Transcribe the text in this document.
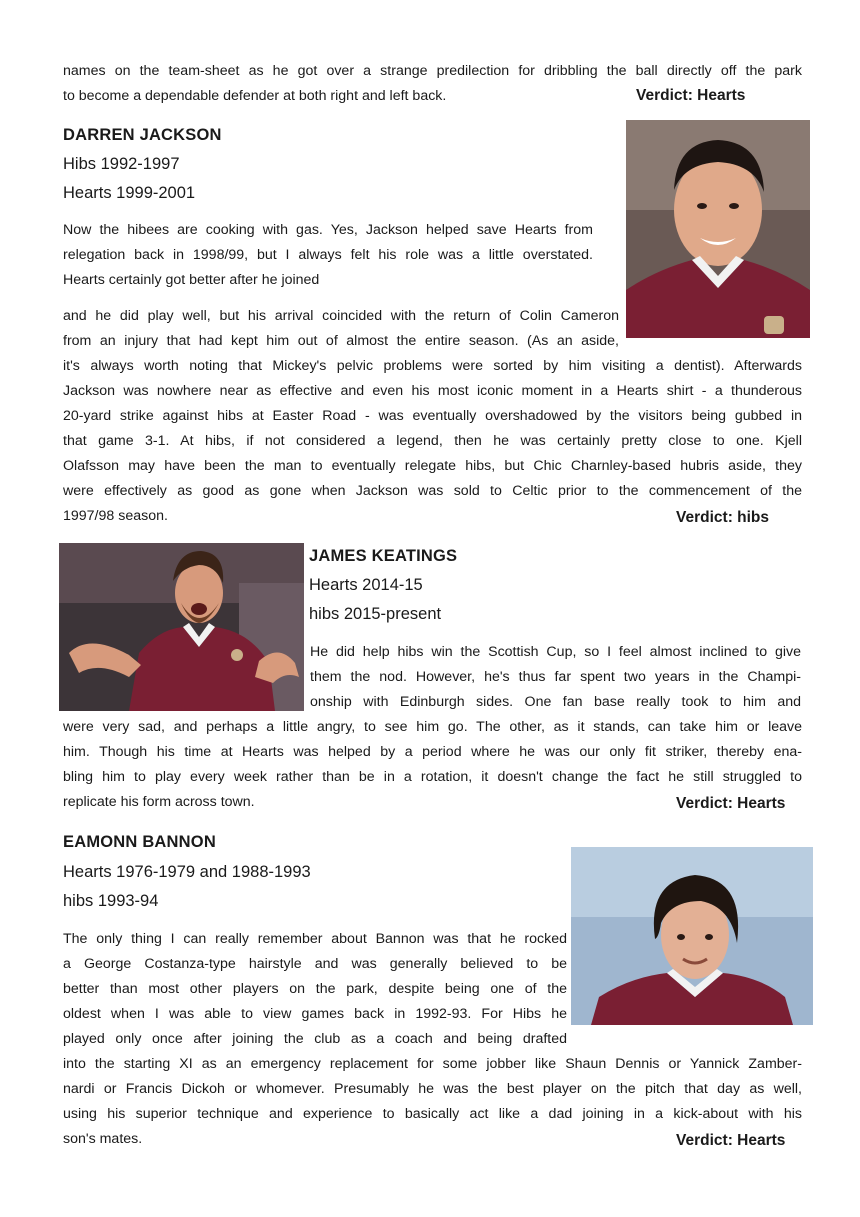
names on the team-sheet as he got over a strange predilection for dribbling the ball directly off the park
to become a dependable defender at both right and left back.	Verdict: Hearts
DARREN JACKSON
Hibs 1992-1997
Hearts 1999-2001

Now the hibees are cooking with gas. Yes, Jackson helped save Hearts from
relegation back in 1998/99, but I always felt his role was a little overstated.
Hearts certainly got better after he joined

and he did play well, but his arrival coincided with the return of Colin Cameron
from an injury that had kept him out of almost the entire season. (As an aside,
it's always worth noting that Mickey's pelvic problems were sorted by him visiting a dentist). Afterwards
Jackson was nowhere near as effective and even his most iconic moment in a Hearts shirt - a thunderous
20-yard strike against hibs at Easter Road - was eventually overshadowed by the visitors being gubbed in
that game 3-1. At hibs, if not considered a legend, then he was certainly pretty close to one. Kjell
Olafsson may have been the man to eventually relegate hibs, but Chic Charnley-based hubris aside, they
were effectively as good as gone when Jackson was sold to Celtic prior to the commencement of the
1997/98 season.	Verdict: hibs
JAMES KEATINGS
Hearts 2014-15
hibs 2015-present

He did help hibs win the Scottish Cup, so I feel almost inclined to give
them the nod. However, he's thus far spent two years in the Champi-
onship with Edinburgh sides. One fan base really took to him and

were very sad, and perhaps a little angry, to see him go. The other, as it stands, can take him or leave
him. Though his time at Hearts was helped by a period where he was our only fit striker, thereby ena-
bling him to play every week rather than be in a rotation, it doesn't change the fact he still struggled to
replicate his form across town.	Verdict: Hearts
EAMONN BANNON
Hearts 1976-1979 and 1988-1993
hibs 1993-94

The only thing I can really remember about Bannon was that he rocked
a George Costanza-type hairstyle and was generally believed to be
better than most other players on the park, despite being one of the
oldest when I was able to view games back in 1992-93. For Hibs he
played only once after joining the club as a coach and being drafted

into the starting XI as an emergency replacement for some jobber like Shaun Dennis or Yannick Zamber-
nardi or Francis Dickoh or whomever. Presumably he was the best player on the pitch that day as well,
using his superior technique and experience to basically act like a dad joining in a kick-about with his
son's mates.	Verdict: Hearts
